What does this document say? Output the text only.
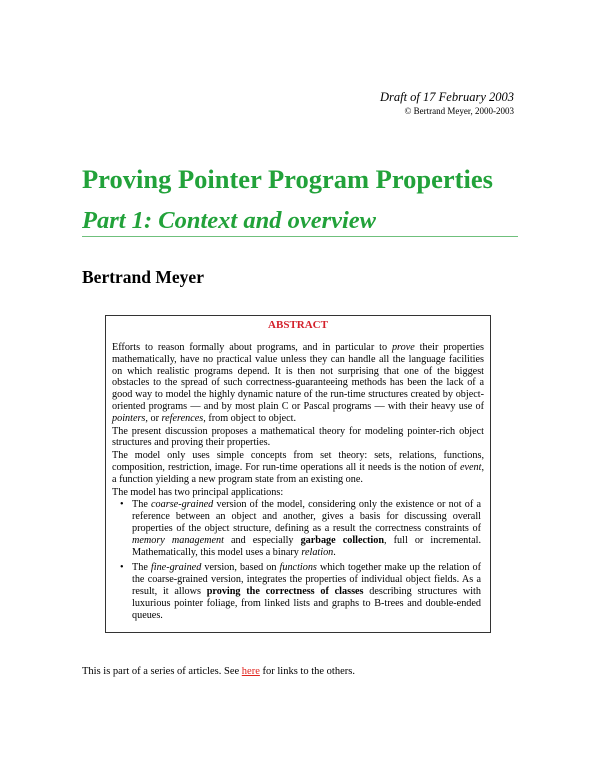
Draft of 17 February 2003
© Bertrand Meyer, 2000-2003
Proving Pointer Program Properties
Part 1: Context and overview
Bertrand Meyer
ABSTRACT

Efforts to reason formally about programs, and in particular to prove their properties mathematically, have no practical value unless they can handle all the language facilities on which realistic programs depend. It is then not surprising that one of the biggest obstacles to the spread of such correctness-guaranteeing methods has been the lack of a good way to model the highly dynamic nature of the run-time structures created by object-oriented programs — and by most plain C or Pascal programs — with their heavy use of pointers, or references, from object to object.

The present discussion proposes a mathematical theory for modeling pointer-rich object structures and proving their properties.

The model only uses simple concepts from set theory: sets, relations, functions, composition, restriction, image. For run-time operations all it needs is the notion of event, a function yielding a new program state from an existing one.

The model has two principal applications:

• The coarse-grained version of the model, considering only the existence or not of a reference between an object and another, gives a basis for discussing overall properties of the object structure, defining as a result the correctness constraints of memory management and especially garbage collection, full or incremental. Mathematically, this model uses a binary relation.
• The fine-grained version, based on functions which together make up the relation of the coarse-grained version, integrates the properties of individual object fields. As a result, it allows proving the correctness of classes describing structures with luxurious pointer foliage, from linked lists and graphs to B-trees and double-ended queues.
This is part of a series of articles. See here for links to the others.
